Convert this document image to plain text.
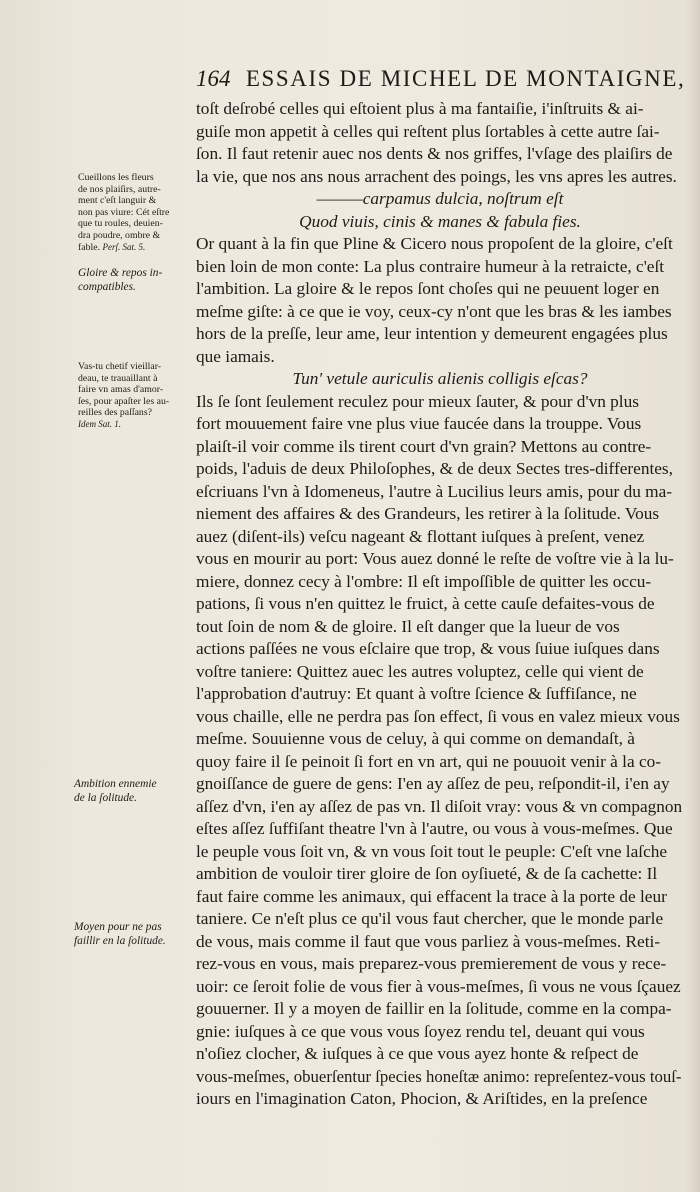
164 ESSAIS DE MICHEL DE MONTAIGNE,
toſt deſrobé celles qui eſtoient plus à ma fantaiſie, i'inſtruits & ai-
guiſe mon appetit à celles qui reſtent plus ſortables à cette autre ſai-
ſon. Il faut retenir auec nos dents & nos griffes, l'vſage des plaiſirs de
la vie, que nos ans nous arrachent des poings, les vns apres les autres.
———carpamus dulcia, noſtrum eſt
Quod viuis, cinis & manes & fabula fies.
Or quant à la fin que Pline & Cicero nous propoſent de la gloire, c'eſt
bien loin de mon conte: La plus contraire humeur à la retraicte, c'eſt
l'ambition. La gloire & le repos ſont choſes qui ne peuuent loger en
meſme giſte: à ce que ie voy, ceux-cy n'ont que les bras & les iambes
hors de la preſſe, leur ame, leur intention y demeurent engagées plus
que iamais.
Tun' vetule auriculis alienis colligis eſcas?
Ils ſe ſont ſeulement reculez pour mieux ſauter, & pour d'vn plus
fort mouuement faire vne plus viue faucée dans la trouppe. Vous
plaiſt-il voir comme ils tirent court d'vn grain? Mettons au contre-
poids, l'aduis de deux Philoſophes, & de deux Sectes tres-differentes,
eſcriuans l'vn à Idomeneus, l'autre à Lucilius leurs amis, pour du ma-
niement des affaires & des Grandeurs, les retirer à la ſolitude. Vous
auez (diſent-ils) veſcu nageant & flottant iuſques à preſent, venez
vous en mourir au port: Vous auez donné le reſte de voſtre vie à la lu-
miere, donnez cecy à l'ombre: Il eſt impoſſible de quitter les occu-
pations, ſi vous n'en quittez le fruict, à cette cauſe defaites-vous de
tout ſoin de nom & de gloire. Il eſt danger que la lueur de vos
actions paſſées ne vous eſclaire que trop, & vous ſuiue iuſques dans
voſtre taniere: Quittez auec les autres voluptez, celle qui vient de
l'approbation d'autruy: Et quant à voſtre ſcience & ſuffiſance, ne
vous chaille, elle ne perdra pas ſon effect, ſi vous en valez mieux vous
meſme. Souuienne vous de celuy, à qui comme on demandaſt, à
quoy faire il ſe peinoit ſi fort en vn art, qui ne pouuoit venir à la co-
gnoiſſance de guere de gens: I'en ay aſſez de peu, reſpondit-il, i'en ay
aſſez d'vn, i'en ay aſſez de pas vn. Il diſoit vray: vous & vn compagnon
eſtes aſſez ſuffiſant theatre l'vn à l'autre, ou vous à vous-meſmes. Que
le peuple vous ſoit vn, & vn vous ſoit tout le peuple: C'eſt vne laſche
ambition de vouloir tirer gloire de ſon oyſiueté, & de ſa cachette: Il
faut faire comme les animaux, qui effacent la trace à la porte de leur
taniere. Ce n'eſt plus ce qu'il vous faut chercher, que le monde parle
de vous, mais comme il faut que vous parliez à vous-meſmes. Reti-
rez-vous en vous, mais preparez-vous premierement de vous y rece-
uoir: ce ſeroit folie de vous fier à vous-meſmes, ſi vous ne vous ſçauez
gouuerner. Il y a moyen de faillir en la ſolitude, comme en la compa-
gnie: iuſques à ce que vous vous ſoyez rendu tel, deuant qui vous
n'oſiez clocher, & iuſques à ce que vous ayez honte & reſpect de
vous-meſmes, obuerſentur ſpecies honeſtæ animo: repreſentez-vous touſ-
iours en l'imagination Caton, Phocion, & Ariſtides, en la preſence
Cueillons les fleurs
de nos plaiſirs, autre-
ment c'eſt languir &
non pas viure: Cét eſtre
que tu roules, deuien-
dra poudre, ombre &
fable. Perſ. Sat. 5.
Gloire & repos in-
compatibles.
Vas-tu chetif vieillar-
deau, te trauaillant à
faire vn amas d'amor-
ſes, pour apaſter les au-
reilles des paſſans?
Idem Sat. 1.
Ambition ennemie
de la ſolitude.
Moyen pour ne pas
faillir en la ſolitude.
